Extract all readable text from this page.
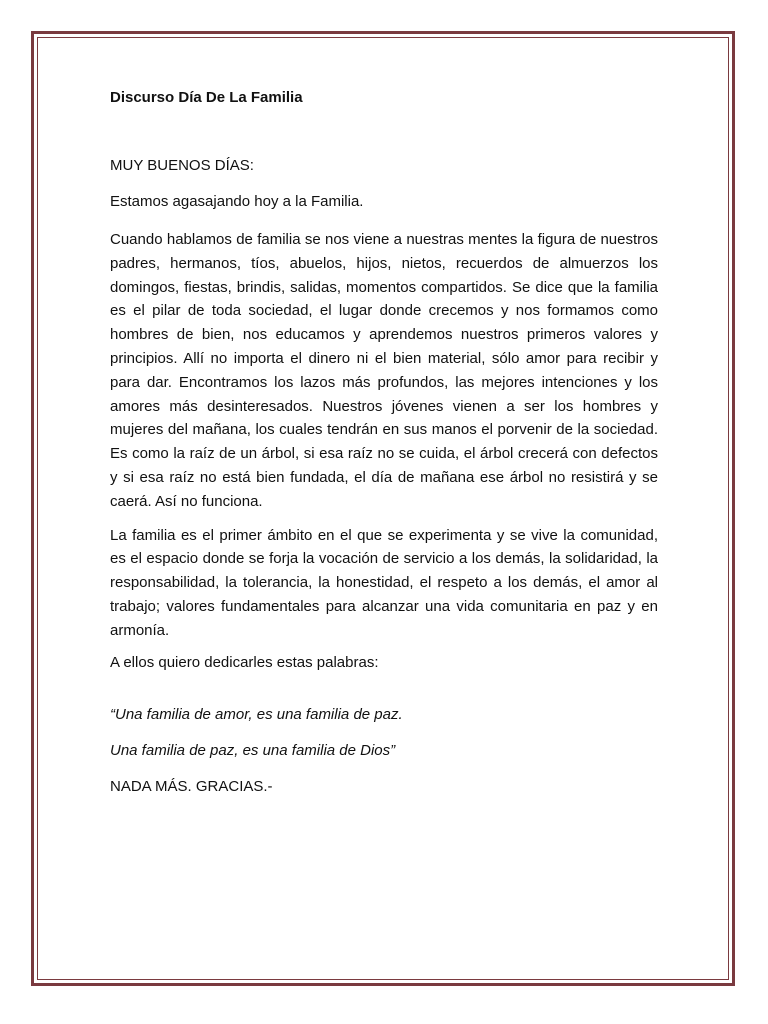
Discurso Día De La Familia

MUY BUENOS DÍAS:

Estamos agasajando hoy a la Familia.

Cuando hablamos de familia se nos viene a nuestras mentes la figura de nuestros padres, hermanos, tíos, abuelos, hijos, nietos, recuerdos de almuerzos los domingos, fiestas, brindis, salidas, momentos compartidos. Se dice que la familia es el pilar de toda sociedad, el lugar donde crecemos y nos formamos como hombres de bien, nos educamos y aprendemos nuestros primeros valores y principios. Allí no importa el dinero ni el bien material, sólo amor para recibir y para dar. Encontramos los lazos más profundos, las mejores intenciones y los amores más desinteresados. Nuestros jóvenes vienen a ser los hombres y mujeres del mañana, los cuales tendrán en sus manos el porvenir de la sociedad. Es como la raíz de un árbol, si esa raíz no se cuida, el árbol crecerá con defectos y si esa raíz no está bien fundada, el día de mañana ese árbol no resistirá y se caerá. Así no funciona.

La familia es el primer ámbito en el que se experimenta y se vive la comunidad, es el espacio donde se forja la vocación de servicio a los demás, la solidaridad, la responsabilidad, la tolerancia, la honestidad, el respeto a los demás, el amor al trabajo; valores fundamentales para alcanzar una vida comunitaria en paz y en armonía.

A ellos quiero dedicarles estas palabras:

“Una familia de amor, es una familia de paz.

Una familia de paz, es una familia de Dios”

NADA MÁS. GRACIAS.-
